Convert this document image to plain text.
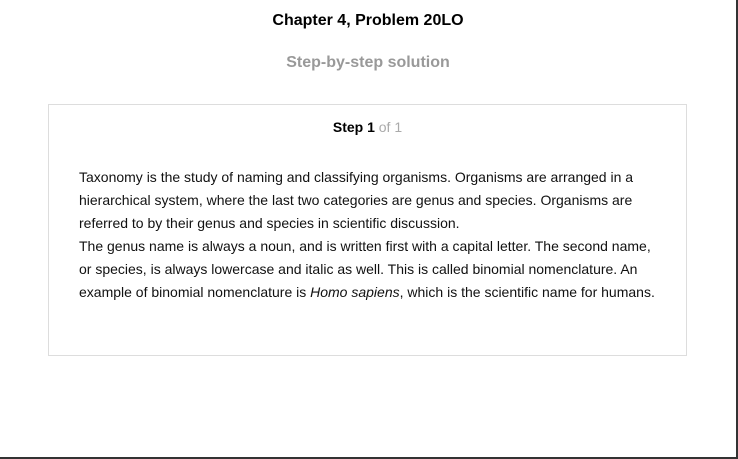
Chapter 4, Problem 20LO
Step-by-step solution
Step 1 of 1

Taxonomy is the study of naming and classifying organisms. Organisms are arranged in a hierarchical system, where the last two categories are genus and species. Organisms are referred to by their genus and species in scientific discussion.

The genus name is always a noun, and is written first with a capital letter. The second name, or species, is always lowercase and italic as well. This is called binomial nomenclature. An example of binomial nomenclature is Homo sapiens, which is the scientific name for humans.
